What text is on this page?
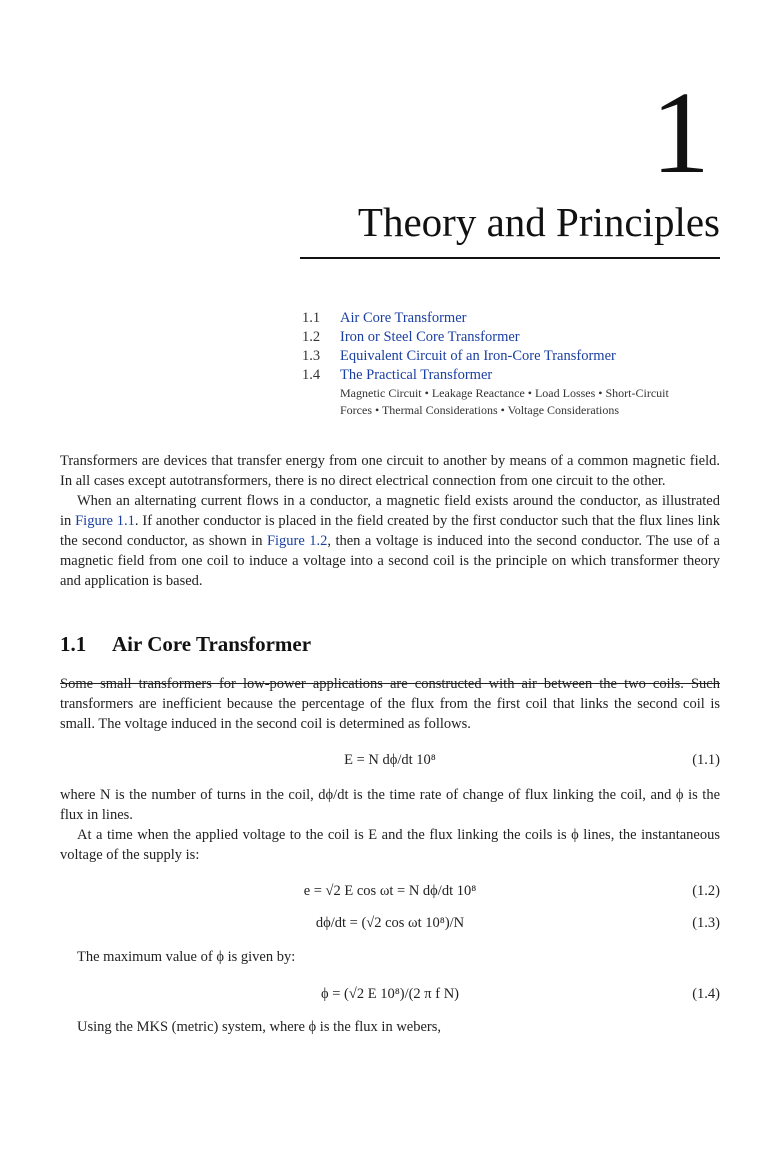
1
Theory and Principles
1.1	Air Core Transformer
1.2	Iron or Steel Core Transformer
1.3	Equivalent Circuit of an Iron-Core Transformer
1.4	The Practical Transformer
Magnetic Circuit • Leakage Reactance • Load Losses • Short-Circuit Forces • Thermal Considerations • Voltage Considerations

Transformers are devices that transfer energy from one circuit to another by means of a common magnetic field. In all cases except autotransformers, there is no direct electrical connection from one circuit to the other.

When an alternating current flows in a conductor, a magnetic field exists around the conductor, as illustrated in Figure 1.1. If another conductor is placed in the field created by the first conductor such that the flux lines link the second conductor, as shown in Figure 1.2, then a voltage is induced into the second conductor. The use of a magnetic field from one coil to induce a voltage into a second coil is the principle on which transformer theory and application is based.

1.1 Air Core Transformer

Some small transformers for low-power applications are constructed with air between the two coils. Such transformers are inefficient because the percentage of the flux from the first coil that links the second coil is small. The voltage induced in the second coil is determined as follows.

E = N dϕ/dt 10⁸	(1.1)

where N is the number of turns in the coil, dϕ/dt is the time rate of change of flux linking the coil, and ϕ is the flux in lines.

At a time when the applied voltage to the coil is E and the flux linking the coils is ϕ lines, the instantaneous voltage of the supply is:

e = √2 E cos ωt = N dϕ/dt 10⁸	(1.2)
dϕ/dt = (√2 cos ωt 10⁸)/N	(1.3)

The maximum value of ϕ is given by:

ϕ = (√2 E 10⁸)/(2 π f N)	(1.4)

Using the MKS (metric) system, where ϕ is the flux in webers,
